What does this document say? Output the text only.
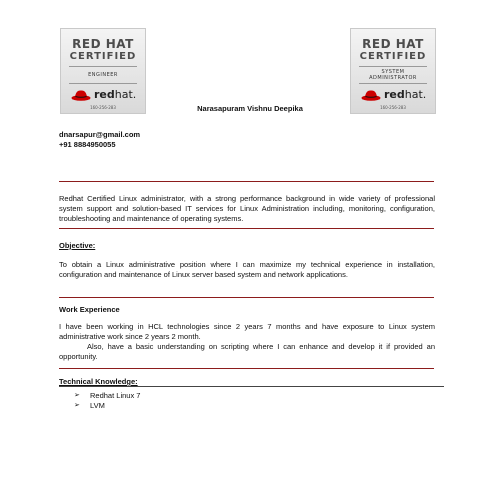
RED HAT
CERTIFIED
ENGINEER
redhat.
160-256-283
RED HAT
CERTIFIED
SYSTEM
ADMINISTRATOR
redhat.
160-256-283
Narasapuram Vishnu Deepika
dnarsapur@gmail.com
+91 8884950055
Redhat Certified Linux administrator, with a strong performance background in wide variety of professional system support and solution-based IT services for Linux Administration including, monitoring, configuration, troubleshooting and maintenance of operating systems.
Objective:
To obtain a Linux administrative position where I can maximize my technical experience in installation, configuration and maintenance of Linux server based system and network applications.
Work Experience
I have been working in HCL technologies since 2 years 7 months and have exposure to Linux system administrative work since 2 years 2 month.
Also, have a basic understanding on scripting where I can enhance and develop it if provided an opportunity.
Technical Knowledge:
➢ Redhat Linux 7
➢ LVM
